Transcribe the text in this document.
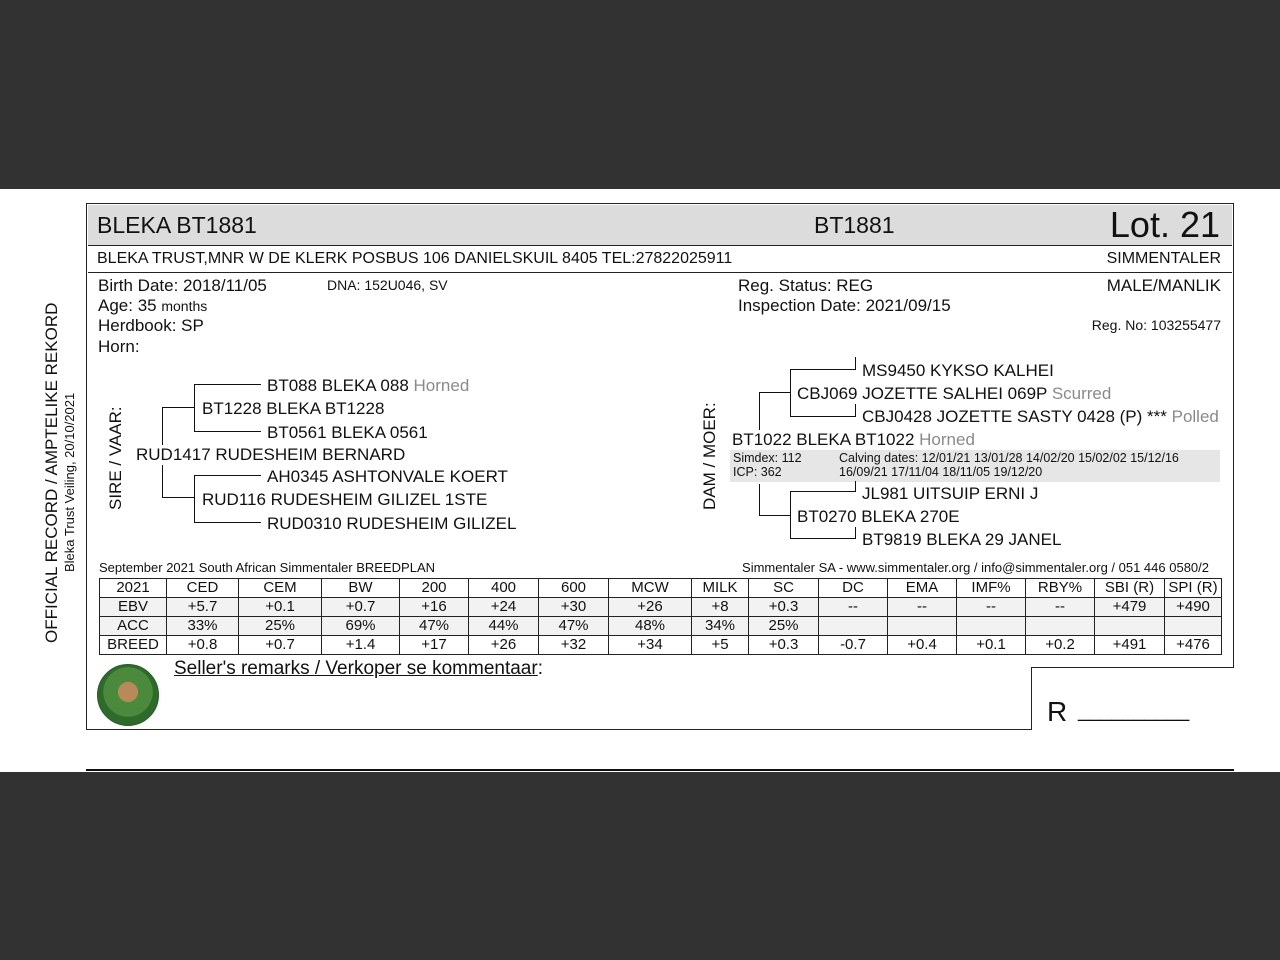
OFFICIAL RECORD / AMPTELIKE REKORD Bleka Trust Veiling, 20/10/2021
BLEKA BT1881	BT1881	Lot. 21
BLEKA TRUST,MNR W DE KLERK POSBUS 106 DANIELSKUIL 8405 TEL:27822025911	SIMMENTALER
Birth Date: 2018/11/05	DNA: 152U046, SV
Age: 35 months
Herdbook: SP
Horn:
Reg. Status: REG
Inspection Date: 2021/09/15
MALE/MANLIK
Reg. No: 103255477
SIRE / VAAR:
BT088 BLEKA 088 Horned
BT1228 BLEKA BT1228
BT0561 BLEKA 0561
RUD1417 RUDESHEIM BERNARD
AH0345 ASHTONVALE KOERT
RUD116 RUDESHEIM GILIZEL 1STE
RUD0310 RUDESHEIM GILIZEL
DAM / MOER:
MS9450 KYKSO KALHEI
CBJ069 JOZETTE SALHEI 069P Scurred
CBJ0428 JOZETTE SASTY 0428 (P) *** Polled
BT1022 BLEKA BT1022 Horned
Simdex: 112
ICP: 362
Calving dates: 12/01/21 13/01/28 14/02/20 15/02/02 15/12/16
16/09/21 17/11/04 18/11/05 19/12/20
JL981 UITSUIP ERNI J
BT0270 BLEKA 270E
BT9819 BLEKA 29 JANEL
September 2021 South African Simmentaler BREEDPLAN	Simmentaler SA - www.simmentaler.org / info@simmentaler.org / 051 446 0580/2
2021	CED	CEM	BW	200	400	600	MCW	MILK	SC	DC	EMA	IMF%	RBY%	SBI (R)	SPI (R)
EBV	+5.7	+0.1	+0.7	+16	+24	+30	+26	+8	+0.3	--	--	--	--	+479	+490
ACC	33%	25%	69%	47%	44%	47%	48%	34%	25%						
BREED	+0.8	+0.7	+1.4	+17	+26	+32	+34	+5	+0.3	-0.7	+0.4	+0.1	+0.2	+491	+476
Seller's remarks / Verkoper se kommentaar:
R __________
